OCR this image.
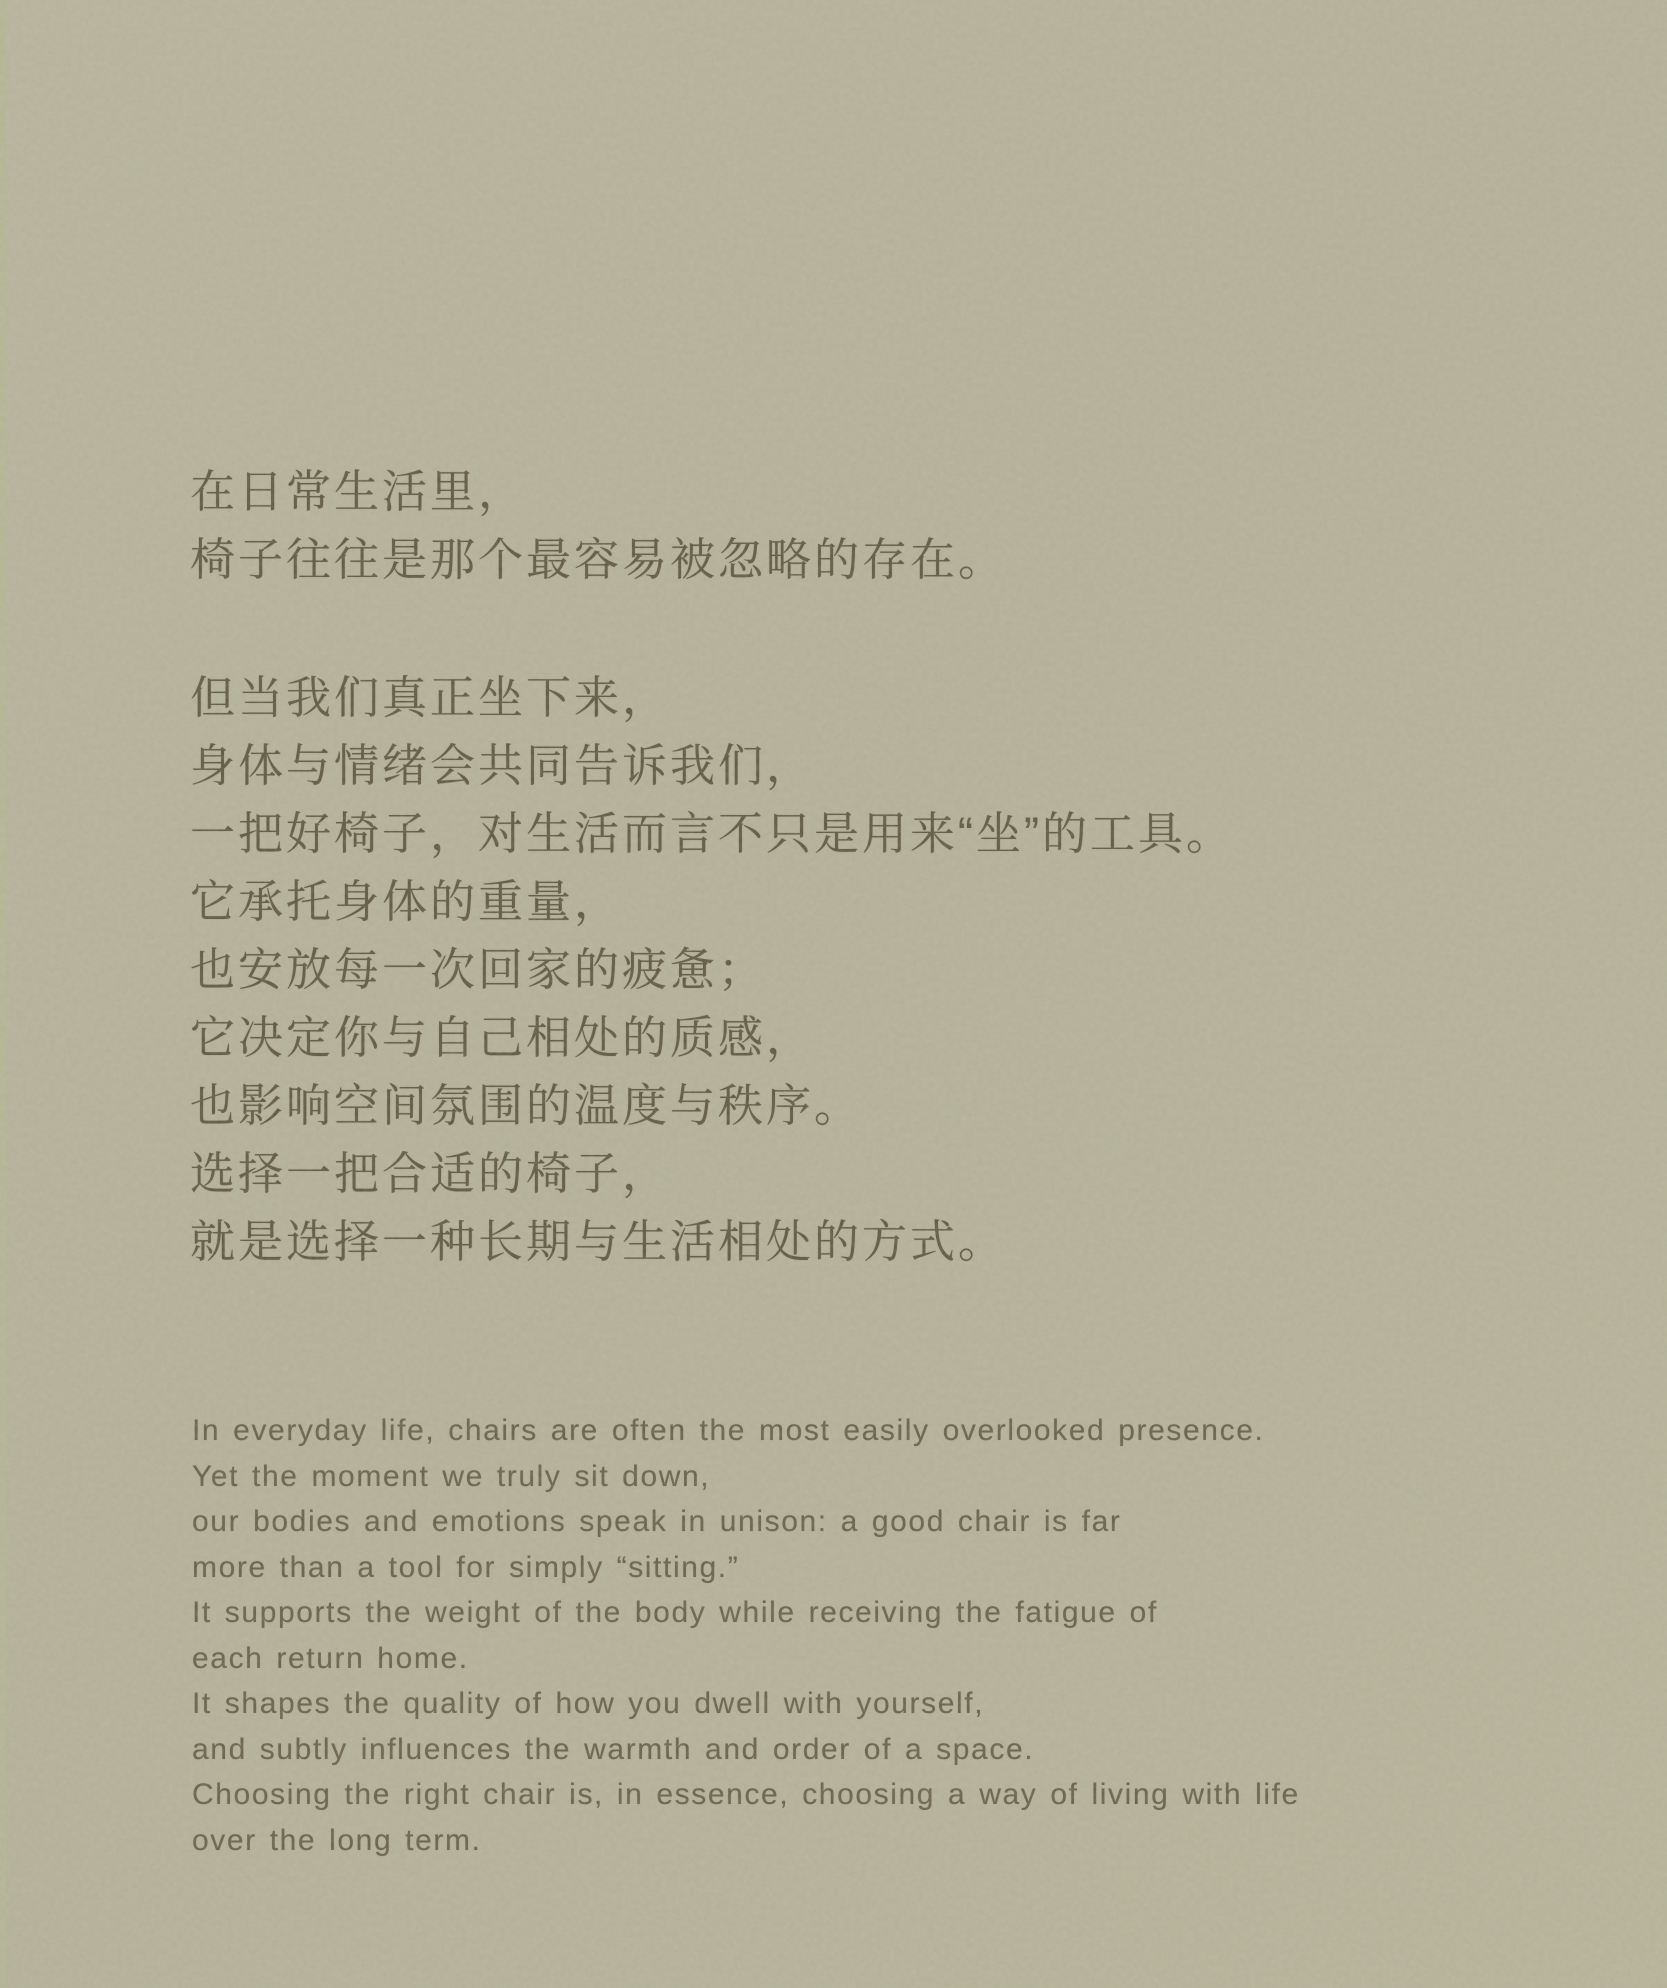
在日常生活里，
椅子往往是那个最容易被忽略的存在。
但当我们真正坐下来，
身体与情绪会共同告诉我们，
一把好椅子，对生活而言不只是用来“坐”的工具。
它承托身体的重量，
也安放每一次回家的疲惫；
它决定你与自己相处的质感，
也影响空间氛围的温度与秩序。
选择一把合适的椅子，
就是选择一种长期与生活相处的方式。
In everyday life, chairs are often the most easily overlooked presence.
Yet the moment we truly sit down,
our bodies and emotions speak in unison: a good chair is far
more than a tool for simply “sitting.”
It supports the weight of the body while receiving the fatigue of
each return home.
It shapes the quality of how you dwell with yourself,
and subtly influences the warmth and order of a space.
Choosing the right chair is, in essence, choosing a way of living with life
over the long term.
